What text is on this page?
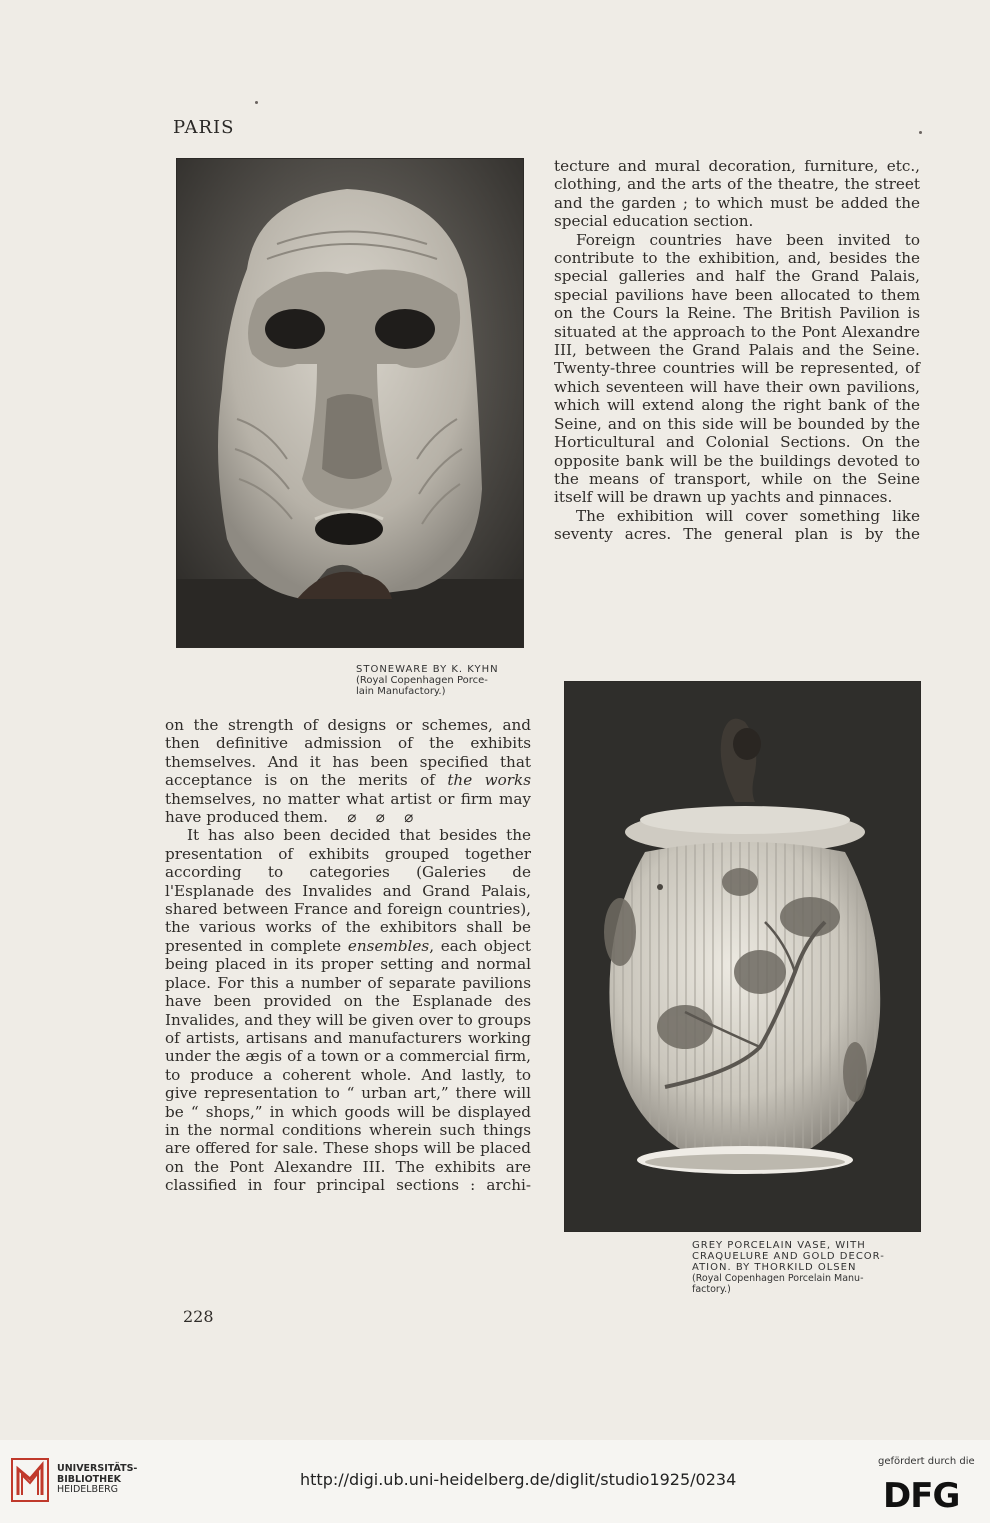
PARIS
STONEWARE BY K. KYHN
(Royal Copenhagen Porce-
lain Manufactory.)
GREY PORCELAIN VASE, WITH
CRAQUELURE AND GOLD DECOR-
ATION. BY THORKILD OLSEN
(Royal Copenhagen Porcelain Manu-
factory.)

tecture and mural decoration, furniture, etc., clothing, and the arts of the theatre, the street and the garden ; to which must be added the special education section.

Foreign countries have been invited to contribute to the exhibition, and, besides the special galleries and half the Grand Palais, special pavilions have been allocated to them on the Cours la Reine. The British Pavilion is situated at the approach to the Pont Alexandre III, between the Grand Palais and the Seine. Twenty-three countries will be represented, of which seventeen will have their own pavilions, which will extend along the right bank of the Seine, and on this side will be bounded by the Horticultural and Colonial Sections. On the opposite bank will be the buildings devoted to the means of transport, while on the Seine itself will be drawn up yachts and pinnaces.

The exhibition will cover something like seventy acres. The general plan is by the

on the strength of designs or schemes, and then definitive admission of the exhibits themselves. And it has been specified that acceptance is on the merits of the works themselves, no matter what artist or firm may have produced them. ⌀    ⌀    ⌀

It has also been decided that besides the presentation of exhibits grouped together according to categories (Galeries de l'Esplanade des Invalides and Grand Palais, shared between France and foreign countries), the various works of the exhibitors shall be presented in complete ensembles, each object being placed in its proper setting and normal place. For this a number of separate pavilions have been provided on the Esplanade des Invalides, and they will be given over to groups of artists, artisans and manufacturers working under the ægis of a town or a commercial firm, to produce a coherent whole. And lastly, to give representation to “ urban art,” there will be “ shops,” in which goods will be displayed in the normal conditions wherein such things are offered for sale. These shops will be placed on the Pont Alexandre III. The exhibits are classified in four principal sections : archi-

228
UNIVERSITÄTS-
BIBLIOTHEK
HEIDELBERG
http://digi.ub.uni-heidelberg.de/diglit/studio1925/0234
gefördert durch die
DFG
